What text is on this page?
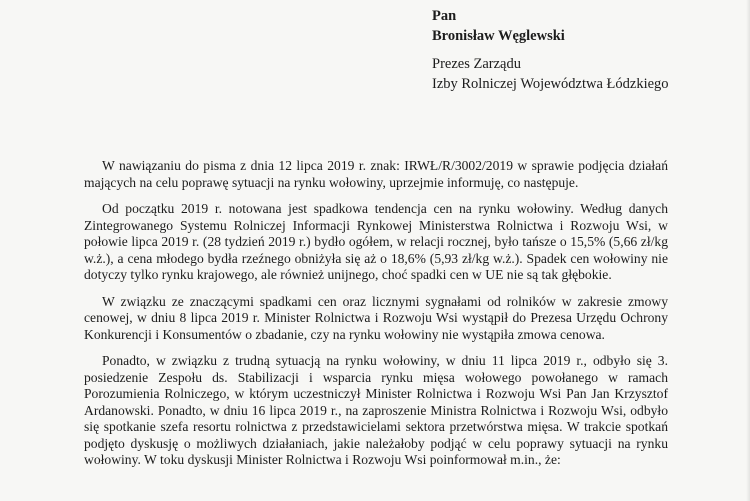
Pan
Bronisław Węglewski
Prezes Zarządu
Izby Rolniczej Województwa Łódzkiego

W nawiązaniu do pisma z dnia 12 lipca 2019 r. znak: IRWŁ/R/3002/2019 w sprawie podjęcia działań mających na celu poprawę sytuacji na rynku wołowiny, uprzejmie informuję, co następuje.

Od początku 2019 r. notowana jest spadkowa tendencja cen na rynku wołowiny. Według danych Zintegrowanego Systemu Rolniczej Informacji Rynkowej Ministerstwa Rolnictwa i Rozwoju Wsi, w połowie lipca 2019 r. (28 tydzień 2019 r.) bydło ogółem, w relacji rocznej, było tańsze o 15,5% (5,66 zł/kg w.ż.), a cena młodego bydła rzeźnego obniżyła się aż o 18,6% (5,93 zł/kg w.ż.). Spadek cen wołowiny nie dotyczy tylko rynku krajowego, ale również unijnego, choć spadki cen w UE nie są tak głębokie.

W związku ze znaczącymi spadkami cen oraz licznymi sygnałami od rolników w zakresie zmowy cenowej, w dniu 8 lipca 2019 r. Minister Rolnictwa i Rozwoju Wsi wystąpił do Prezesa Urzędu Ochrony Konkurencji i Konsumentów o zbadanie, czy na rynku wołowiny nie wystąpiła zmowa cenowa.

Ponadto, w związku z trudną sytuacją na rynku wołowiny, w dniu 11 lipca 2019 r., odbyło się 3. posiedzenie Zespołu ds. Stabilizacji i wsparcia rynku mięsa wołowego powołanego w ramach Porozumienia Rolniczego, w którym uczestniczył Minister Rolnictwa i Rozwoju Wsi Pan Jan Krzysztof Ardanowski. Ponadto, w dniu 16 lipca 2019 r., na zaproszenie Ministra Rolnictwa i Rozwoju Wsi, odbyło się spotkanie szefa resortu rolnictwa z przedstawicielami sektora przetwórstwa mięsa. W trakcie spotkań podjęto dyskusję o możliwych działaniach, jakie należałoby podjąć w celu poprawy sytuacji na rynku wołowiny. W toku dyskusji Minister Rolnictwa i Rozwoju Wsi poinformował m.in., że:
